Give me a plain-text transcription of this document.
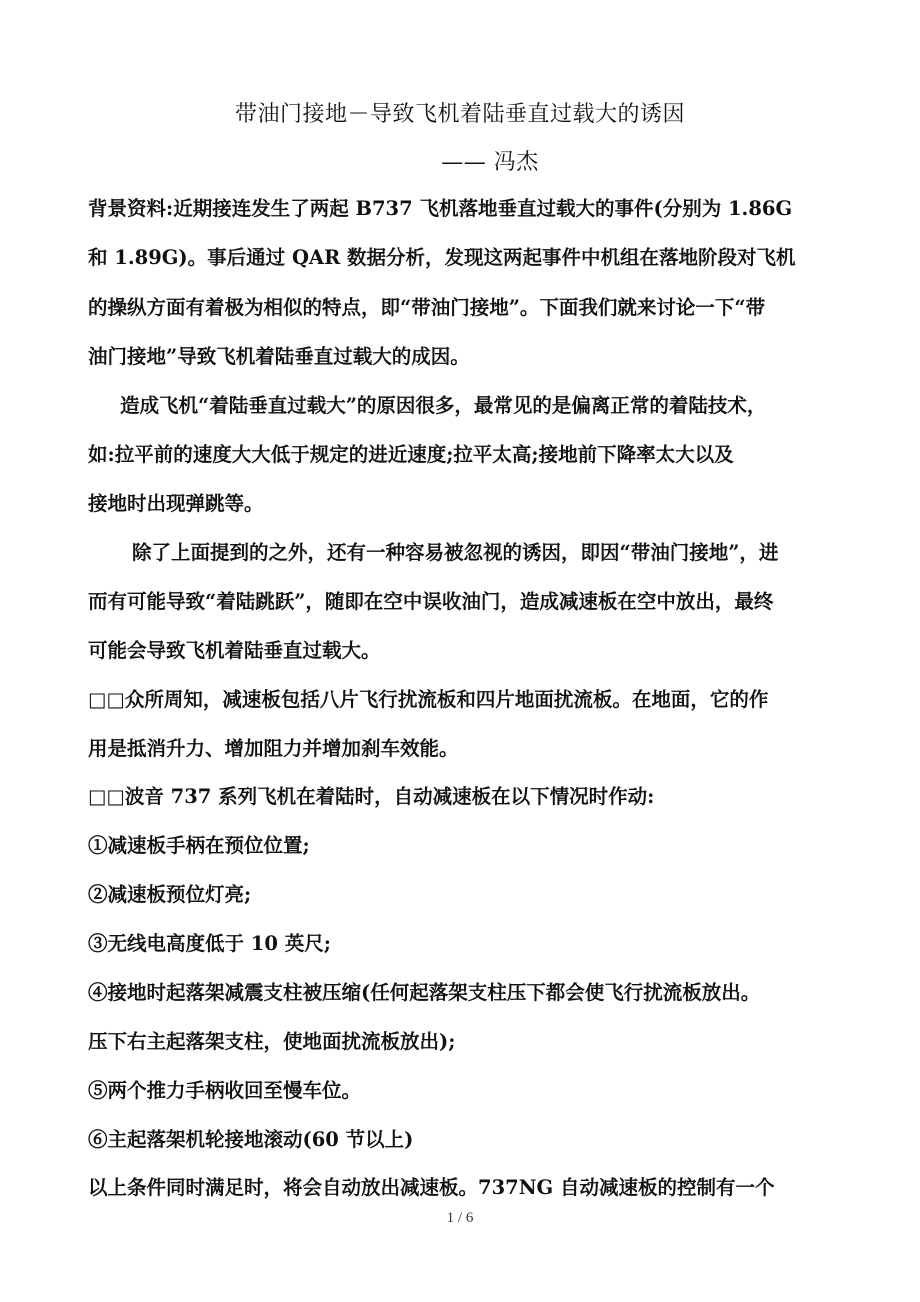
带油门接地－导致飞机着陆垂直过载大的诱因
—— 冯杰
背景资料:近期接连发生了两起 B737 飞机落地垂直过载大的事件(分别为 1.86G
和 1.89G)。事后通过 QAR 数据分析，发现这两起事件中机组在落地阶段对飞机
的操纵方面有着极为相似的特点，即“带油门接地”。下面我们就来讨论一下“带
油门接地”导致飞机着陆垂直过载大的成因。
造成飞机“着陆垂直过载大”的原因很多，最常见的是偏离正常的着陆技术，
如:拉平前的速度大大低于规定的进近速度;拉平太高;接地前下降率太大以及
接地时出现弹跳等。
除了上面提到的之外，还有一种容易被忽视的诱因，即因“带油门接地”，进
而有可能导致“着陆跳跃”，随即在空中误收油门，造成减速板在空中放出，最终
可能会导致飞机着陆垂直过载大。
□□众所周知，减速板包括八片飞行扰流板和四片地面扰流板。在地面，它的作
用是抵消升力、增加阻力并增加刹车效能。
□□波音 737 系列飞机在着陆时，自动减速板在以下情况时作动:
①减速板手柄在预位位置;
②减速板预位灯亮;
③无线电高度低于 10 英尺;
④接地时起落架减震支柱被压缩(任何起落架支柱压下都会使飞行扰流板放出。
压下右主起落架支柱，使地面扰流板放出);
⑤两个推力手柄收回至慢车位。
⑥主起落架机轮接地滚动(60 节以上)
以上条件同时满足时，将会自动放出减速板。737NG 自动减速板的控制有一个
1 / 6
